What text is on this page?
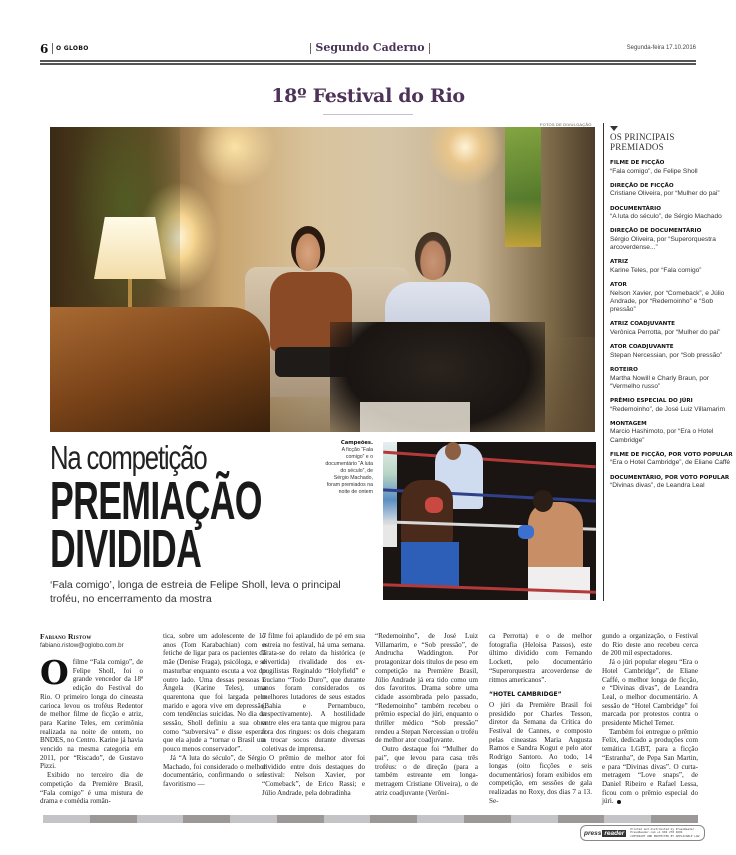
6 O GLOBO	Segundo Caderno	Segunda-feira 17.10.2016
18º Festival do Rio
FOTOS DE DIVULGAÇÃO
OS PRINCIPAIS
PREMIADOS
FILME DE FICÇÃO
“Fala comigo”, de Felipe Sholl
DIREÇÃO DE FICÇÃO
Cristiane Oliveira, por “Mulher do pai”
DOCUMENTÁRIO
“A luta do século”, de Sérgio Machado
DIREÇÃO DE DOCUMENTÁRIO
Sérgio Oliveira, por “Superorquestra arcoverdense...”
ATRIZ
Karine Teles, por “Fala comigo”
ATOR
Nelson Xavier, por “Comeback”, e Júlio Andrade, por “Redemoinho” e “Sob pressão”
ATRIZ COADJUVANTE
Verônica Perrotta, por “Mulher do pai”
ATOR COADJUVANTE
Stepan Nercessian, por “Sob pressão”
ROTEIRO
Martha Nowill e Charly Braun, por “Vermelho russo”
PRÊMIO ESPECIAL DO JÚRI
“Redemoinho”, de José Luiz Villamarim
MONTAGEM
Marcio Hashimoto, por “Era o Hotel Cambridge”
FILME DE FICÇÃO, POR VOTO POPULAR
“Era o Hotel Cambridge”, de Eliane Caffé
DOCUMENTÁRIO, POR VOTO POPULAR
“Divinas divas”, de Leandra Leal
Na competição
PREMIAÇÃO
DIVIDIDA
‘Fala comigo’, longa de estreia de Felipe Sholl, leva o principal troféu, no encerramento da mostra
Campeões.
A ficção “Fala comigo” e o documentário “A luta do século”, de Sérgio Machado, foram premiados na noite de ontem
Fabiano Ristow
fabiano.ristow@oglobo.com.br

Ofilme “Fala comigo”, de Felipe Sholl, foi o grande vencedor da 18ª edição do Festival do Rio. O primeiro longa do cineasta carioca levou os troféus Redentor de melhor filme de ficção e atriz, para Karine Teles, em cerimônia realizada na noite de ontem, no BNDES, no Centro. Karine já havia vencido na mesma categoria em 2011, por “Riscado”, de Gustavo Pizzi.

Exibido no terceiro dia de competição da Première Brasil, “Fala comigo” é uma mistura de drama e comédia român-

tica, sobre um adolescente de 17 anos (Tom Karabachian) com o fetiche de ligar para os pacientes da mãe (Denise Fraga), psicóloga, e se masturbar enquanto escuta a voz do outro lado. Uma dessas pessoas é Ângela (Karine Teles), uma quarentona que foi largada pelo marido e agora vive em depressão, com tendências suicidas. No dia da sessão, Sholl definiu a sua obra como “subversiva” e disse esperar que ela ajude a “tornar o Brasil um pouco menos conservador”.

Já “A luta do século”, de Sérgio Machado, foi considerado o melhor documentário, confirmando o seu favoritismo —

o filme foi aplaudido de pé em sua estreia no festival, há uma semana. Trata-se do relato da histórica (e divertida) rivalidade dos ex-pugilistas Reginaldo “Holyfield” e Luciano “Todo Duro”, que durante anos foram considerados os melhores lutadores de seus estados (Bahia e Pernambuco, respectivamente). A hostilidade entre eles era tanta que migrou para fora dos ringues: os dois chegaram a trocar socos durante diversas coletivas de imprensa.

O prêmio de melhor ator foi dividido entre dois destaques do festival: Nelson Xavier, por “Comeback”, de Erico Rassi; e Júlio Andrade, pela dobradinha

“Redemoinho”, de José Luiz Villamarim, e “Sob pressão”, de Andrucha Waddington. Por protagonizar dois títulos de peso em competição na Première Brasil, Júlio Andrade já era tido como um dos favoritos. Drama sobre uma cidade assombrada pelo passado, “Redemoinho” também recebeu o prêmio especial do júri, enquanto o thriller médico “Sob pressão” rendeu a Stepan Nercessian o troféu de melhor ator coadjuvante.

Outro destaque foi “Mulher do pai”, que levou para casa três troféus: o de direção (para a também estreante em longa-metragem Cristiane Oliveira), o de atriz coadjuvante (Verôni-

ca Perrotta) e o de melhor fotografia (Heloisa Passos), este último dividido com Fernando Lockett, pelo documentário “Superorquestra arcoverdense de ritmos americanos”.

“HOTEL CAMBRIDGE”

O júri da Première Brasil foi presidido por Charles Tesson, diretor da Semana da Crítica do Festival de Cannes, e composto pelas cineastas Maria Augusta Ramos e Sandra Kogut e pelo ator Rodrigo Santoro. Ao todo, 14 longas (oito ficções e seis documentários) foram exibidos em competição, em sessões de gala realizadas no Roxy, dos dias 7 a 13. Se-

gundo a organização, o Festival do Rio deste ano recebeu cerca de 200 mil espectadores.

Já o júri popular elegeu “Era o Hotel Cambridge”, de Eliane Caffé, o melhor longa de ficção, e “Divinas divas”, de Leandra Leal, o melhor documentário. A sessão de “Hotel Cambridge” foi marcada por protestos contra o presidente Michel Temer.

Também foi entregue o prêmio Felix, dedicado a produções com temática LGBT, para a ficção “Estranha”, de Pepa San Martin, e para “Divinas divas”. O curta-metragem “Love snaps”, de Daniel Ribeiro e Rafael Lessa, ficou com o prêmio especial do júri.

press reader
Printed and distributed by PressReader
PressReader.com +1 604 278 4604
COPYRIGHT AND PROTECTED BY APPLICABLE LAW
